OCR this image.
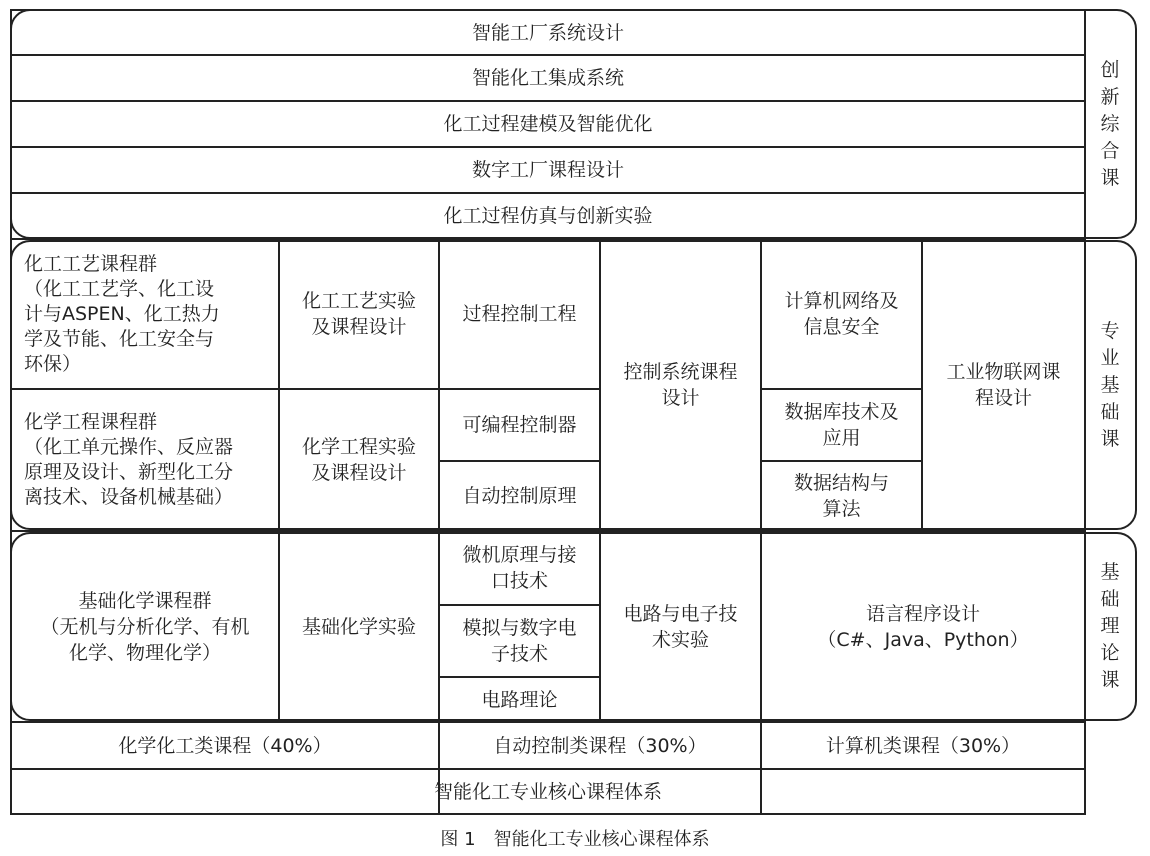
智能工厂系统设计
智能化工集成系统
化工过程建模及智能优化
数字工厂课程设计
化工过程仿真与创新实验
创
新
综
合
课
专
业
基
础
课
基
础
理
论
课
化工工艺课程群
（化工工艺学、化工设
计与ASPEN、化工热力
学及节能、化工安全与
环保）
化工工艺实验
及课程设计
化学工程课程群
（化工单元操作、反应器
原理及设计、新型化工分
离技术、设备机械基础）
化学工程实验
及课程设计
过程控制工程
可编程控制器
自动控制原理
控制系统课程
设计
计算机网络及
信息安全
数据库技术及
应用
数据结构与
算法
工业物联网课
程设计
基础化学课程群
（无机与分析化学、有机
化学、物理化学）
基础化学实验
微机原理与接
口技术
模拟与数字电
子技术
电路理论
电路与电子技
术实验
语言程序设计
（C#、Java、Python）
化学化工类课程（40%）	自动控制类课程（30%）	计算机类课程（30%）
智能化工专业核心课程体系
图 1　智能化工专业核心课程体系
